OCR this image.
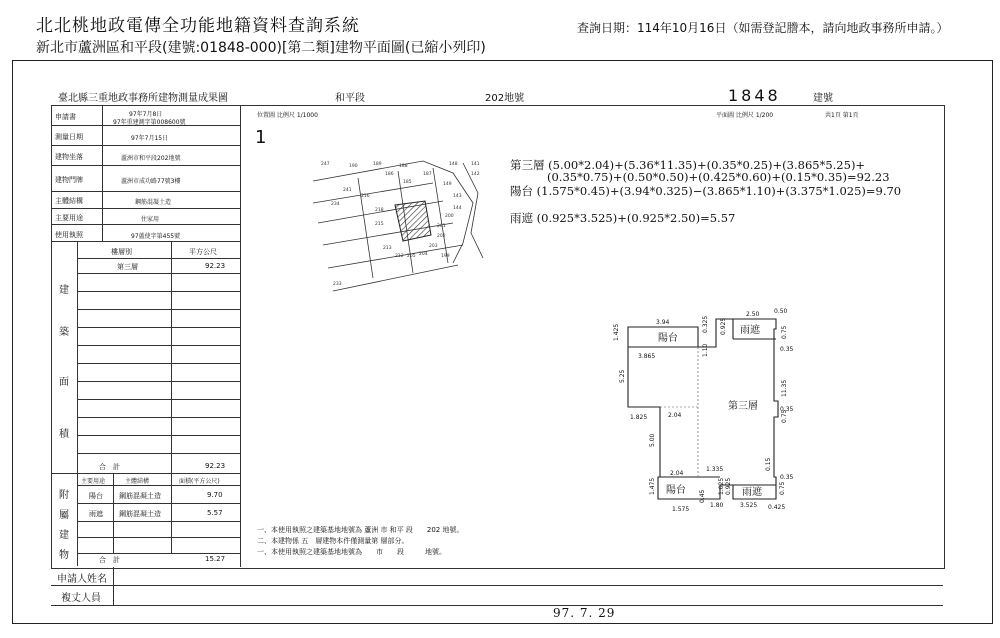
北北桃地政電傳全功能地籍資料查詢系統
新北市蘆洲區和平段(建號:01848-000)[第二類]建物平面圖(已縮小列印)
查詢日期：114年10月16日（如需登記謄本，請向地政事務所申請。）
臺北縣三重地政事務所建物測量成果圖	和平段	202地號	1848	建號
位置圖 比例尺 1/1000	平面圖 比例尺 1/200	共1頁 第1頁
1
申請書	97年7月8日
97年重建測字第008600號
測量日期	97年7月15日
建物坐落	蘆洲市和平段202地號
建物門牌	蘆洲市成功路77號3樓
主體結構	鋼筋混凝土造
主要用途	住家用
使用執照	97蘆使字第455號
樓層別	平方公尺
第三層	92.23
建
築
面
積
合　計	92.23
主要用途	主體結構	面積(平方公尺)
陽台 鋼筋混凝土造	9.70
雨遮 鋼筋混凝土造	5.57
附
屬
建
物	合　計	15.27
247	190	189	188
186
185
187
241
234
216
148	141
142
218
215
149
143
144
213
212 205 204
203
202
201
200
199
233
第三層 (5.00*2.04)+(5.36*11.35)+(0.35*0.25)+(3.865*5.25)+
(0.35*0.75)+(0.50*0.50)+(0.425*0.60)+(0.15*0.35)=92.23
陽台 (1.575*0.45)+(3.94*0.325)−(3.865*1.10)+(3.375*1.025)=9.70
雨遮 (0.925*3.525)+(0.925*2.50)=5.57
3.94
2.50 0.50
1.425	0.925
0.325
1.10
0.75
0.35
3.865
5.25
11.35
2.04
0.35
1.825
5.00
0.75
0.15
0.35
2.04
1.335
1.475	1.025
0.45
0.925	0.75
1.575
1.80	3.525 0.425
第三層
陽台
雨遮
陽台	雨遮
一、本使用執照之建築基地地號為 蘆洲 市 和平 段　　202 地號。
二、本建物係 五　層建物本件僅測量第 層部分。
一、本使用執照之建築基地地號為　　市　　段　　　地號。
申請人姓名
複丈人員
97. 7. 29
